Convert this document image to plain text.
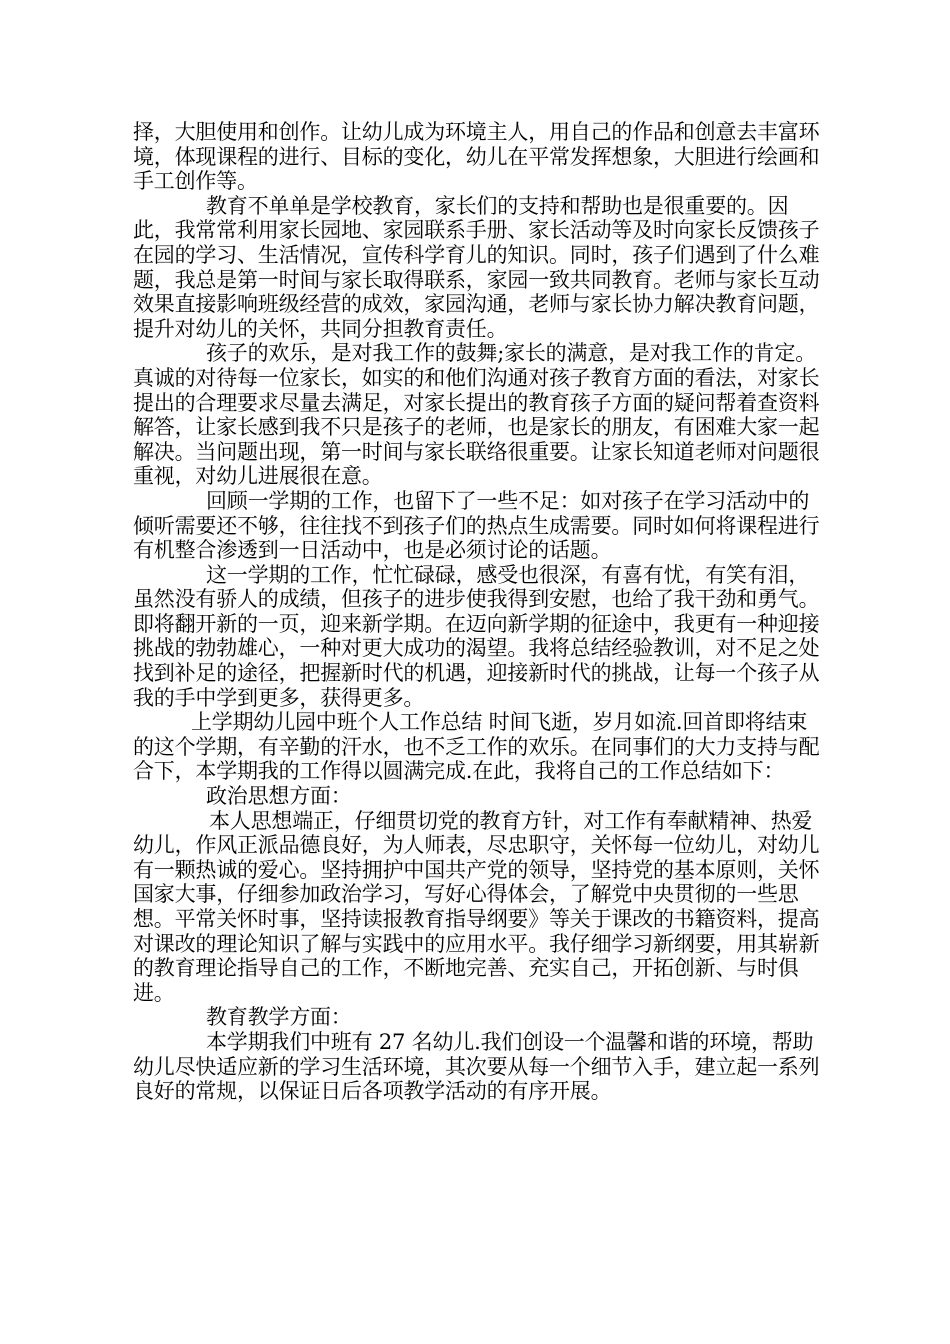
择，大胆使用和创作。让幼儿成为环境主人，用自己的作品和创意去丰富环境，体现课程的进行、目标的变化，幼儿在平常发挥想象，大胆进行绘画和手工创作等。

教育不单单是学校教育，家长们的支持和帮助也是很重要的。因此，我常常利用家长园地、家园联系手册、家长活动等及时向家长反馈孩子在园的学习、生活情况，宣传科学育儿的知识。同时，孩子们遇到了什么难题，我总是第一时间与家长取得联系，家园一致共同教育。老师与家长互动效果直接影响班级经营的成效，家园沟通，老师与家长协力解决教育问题，提升对幼儿的关怀，共同分担教育责任。

孩子的欢乐，是对我工作的鼓舞;家长的满意，是对我工作的肯定。真诚的对待每一位家长，如实的和他们沟通对孩子教育方面的看法，对家长提出的合理要求尽量去满足，对家长提出的教育孩子方面的疑问帮着查资料解答，让家长感到我不只是孩子的老师，也是家长的朋友，有困难大家一起解决。当问题出现，第一时间与家长联络很重要。让家长知道老师对问题很重视，对幼儿进展很在意。

回顾一学期的工作，也留下了一些不足：如对孩子在学习活动中的倾听需要还不够，往往找不到孩子们的热点生成需要。同时如何将课程进行有机整合渗透到一日活动中，也是必须讨论的话题。

这一学期的工作，忙忙碌碌，感受也很深，有喜有忧，有笑有泪，虽然没有骄人的成绩，但孩子的进步使我得到安慰，也给了我干劲和勇气。即将翻开新的一页，迎来新学期。在迈向新学期的征途中，我更有一种迎接挑战的勃勃雄心，一种对更大成功的渴望。我将总结经验教训，对不足之处找到补足的途径，把握新时代的机遇，迎接新时代的挑战，让每一个孩子从我的手中学到更多，获得更多。

上学期幼儿园中班个人工作总结 时间飞逝，岁月如流.回首即将结束的这个学期，有辛勤的汗水，也不乏工作的欢乐。在同事们的大力支持与配合下，本学期我的工作得以圆满完成.在此，我将自己的工作总结如下：

政治思想方面：

本人思想端正，仔细贯切党的教育方针，对工作有奉献精神、热爱幼儿，作风正派品德良好，为人师表，尽忠职守，关怀每一位幼儿，对幼儿有一颗热诚的爱心。坚持拥护中国共产党的领导，坚持党的基本原则，关怀国家大事，仔细参加政治学习，写好心得体会，了解党中央贯彻的一些思想。平常关怀时事，坚持读报教育指导纲要》等关于课改的书籍资料，提高对课改的理论知识了解与实践中的应用水平。我仔细学习新纲要，用其崭新的教育理论指导自己的工作，不断地完善、充实自己，开拓创新、与时俱进。

教育教学方面：

本学期我们中班有 27 名幼儿.我们创设一个温馨和谐的环境，帮助幼儿尽快适应新的学习生活环境，其次要从每一个细节入手，建立起一系列良好的常规，以保证日后各项教学活动的有序开展。
